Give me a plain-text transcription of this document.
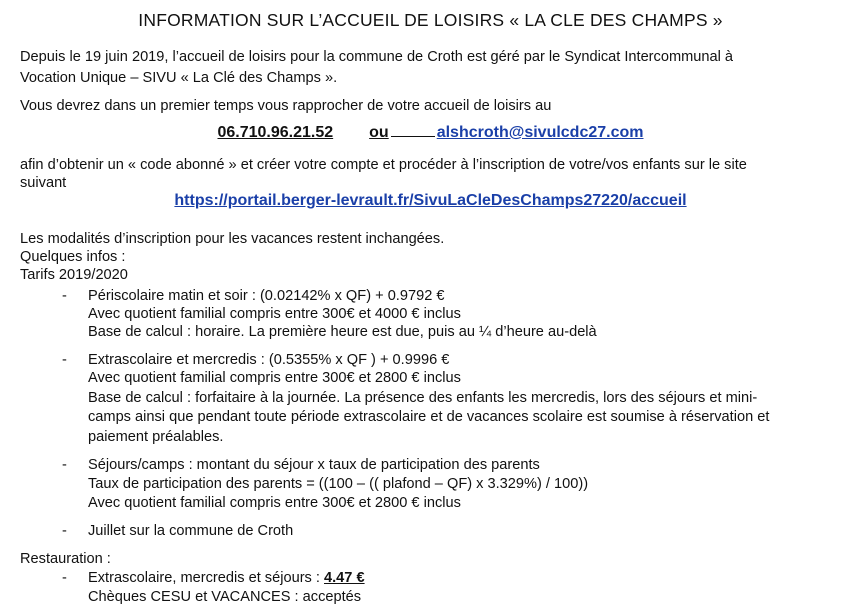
INFORMATION SUR L’ACCUEIL DE LOISIRS « LA CLE DES CHAMPS »
Depuis le 19 juin 2019, l’accueil de loisirs pour la commune de Croth est géré par le Syndicat Intercommunal à
Vocation Unique – SIVU « La Clé des Champs ».
Vous devrez dans un premier temps vous rapprocher de votre accueil de loisirs au
06.710.96.21.52 ou	alshcroth@sivulcdc27.com
afin d’obtenir un « code abonné » et créer votre compte et procéder à l’inscription de votre/vos enfants sur le site
suivant
https://portail.berger-levrault.fr/SivuLaCleDesChamps27220/accueil
Les modalités d’inscription pour les vacances restent inchangées.
Quelques infos :
Tarifs 2019/2020
- Périscolaire matin et soir : (0.02142% x QF) + 0.9792 €
Avec quotient familial compris entre 300€ et 4000 € inclus
Base de calcul : horaire. La première heure est due, puis au ¼ d’heure au-delà
- Extrascolaire et mercredis : (0.5355% x QF ) + 0.9996 €
Avec quotient familial compris entre 300€ et 2800 € inclus
Base de calcul : forfaitaire à la journée. La présence des enfants les mercredis, lors des séjours et mini-
camps ainsi que pendant toute période extrascolaire et de vacances scolaire est soumise à réservation et
paiement préalables.
- Séjours/camps : montant du séjour x taux de participation des parents
Taux de participation des parents = ((100 – (( plafond – QF) x 3.329%) / 100))
Avec quotient familial compris entre 300€ et 2800 € inclus
- Juillet sur la commune de Croth
Restauration :
- Extrascolaire, mercredis et séjours : 4.47 €
Chèques CESU et VACANCES : acceptés
